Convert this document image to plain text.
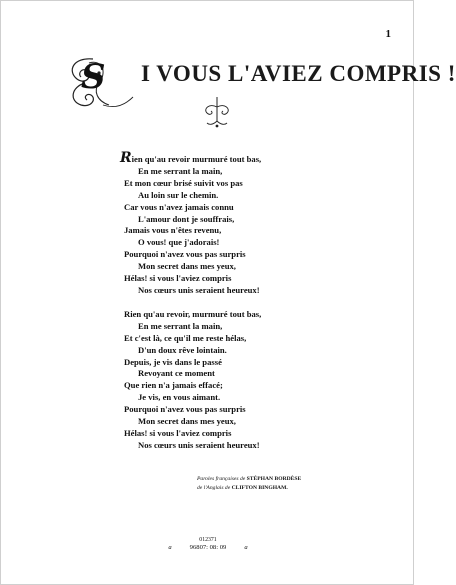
1
S I VOUS L'AVIEZ COMPRIS !
Rien qu'au revoir murmuré tout bas,
En me serrant la main,
Et mon cœur brisé suivit vos pas
Au loin sur le chemin.
Car vous n'avez jamais connu
L'amour dont je souffrais,
Jamais vous n'êtes revenu,
O vous! que j'adorais!
Pourquoi n'avez vous pas surpris
Mon secret dans mes yeux,
Hélas! si vous l'aviez compris
Nos cœurs unis seraient heureux!
Rien qu'au revoir, murmuré tout bas,
En me serrant la main,
Et c'est là, ce qu'il me reste hélas,
D'un doux rêve lointain.
Depuis, je vis dans le passé
Revoyant ce moment
Que rien n'a jamais effacé;
Je vis, en vous aimant.
Pourquoi n'avez vous pas surpris
Mon secret dans mes yeux,
Hélas! si vous l'aviez compris
Nos cœurs unis seraient heureux!
Paroles françaises de STÉPHAN BORDÈSE
de l'Anglais de CLIFTON BINGHAM.
012371
a	96807: 08: 09	a
